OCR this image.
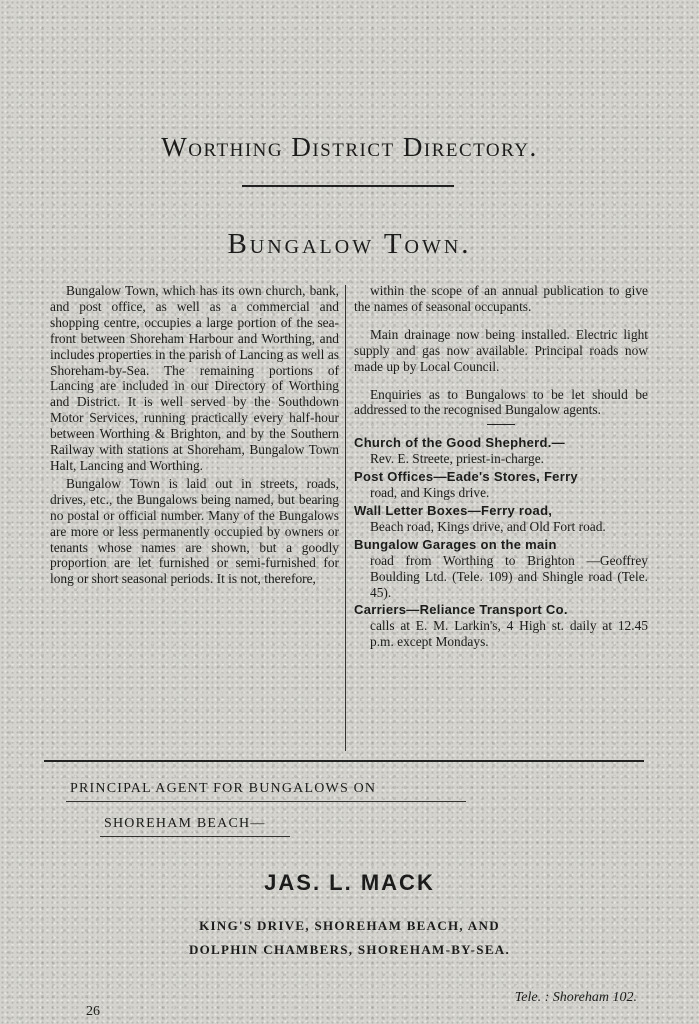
Worthing District Directory.
Bungalow Town.

Bungalow Town, which has its own church, bank, and post office, as well as a commercial and shopping centre, occupies a large portion of the sea-front between Shoreham Harbour and Worthing, and includes properties in the parish of Lancing as well as Shoreham-by-Sea. The remaining portions of Lancing are included in our Directory of Worthing and District. It is well served by the Southdown Motor Services, running practically every half-hour between Worthing & Brighton, and by the Southern Railway with stations at Shoreham, Bungalow Town Halt, Lancing and Worthing.

Bungalow Town is laid out in streets, roads, drives, etc., the Bungalows being named, but bearing no postal or official number. Many of the Bungalows are more or less permanently occupied by owners or tenants whose names are shown, but a goodly proportion are let furnished or semi-furnished for long or short seasonal periods. It is not, therefore,

within the scope of an annual publication to give the names of seasonal occupants.

Main drainage now being installed. Electric light supply and gas now available. Principal roads now made up by Local Council.

Enquiries as to Bungalows to be let should be addressed to the recognised Bungalow agents.

Church of the Good Shepherd.—
Rev. E. Streete, priest-in-charge.

Post Offices—Eade's Stores, Ferry
road, and Kings drive.

Wall Letter Boxes—Ferry road,
Beach road, Kings drive, and Old Fort road.

Bungalow Garages on the main
road from Worthing to Brighton —Geoffrey Boulding Ltd. (Tele. 109) and Shingle road (Tele. 45).

Carriers—Reliance Transport Co.
calls at E. M. Larkin's, 4 High st. daily at 12.45 p.m. except Mondays.

PRINCIPAL AGENT FOR BUNGALOWS ON
SHOREHAM BEACH—
JAS. L. MACK
KING'S DRIVE, SHOREHAM BEACH, AND
DOLPHIN CHAMBERS, SHOREHAM-BY-SEA.
Tele. : Shoreham 102.
26
